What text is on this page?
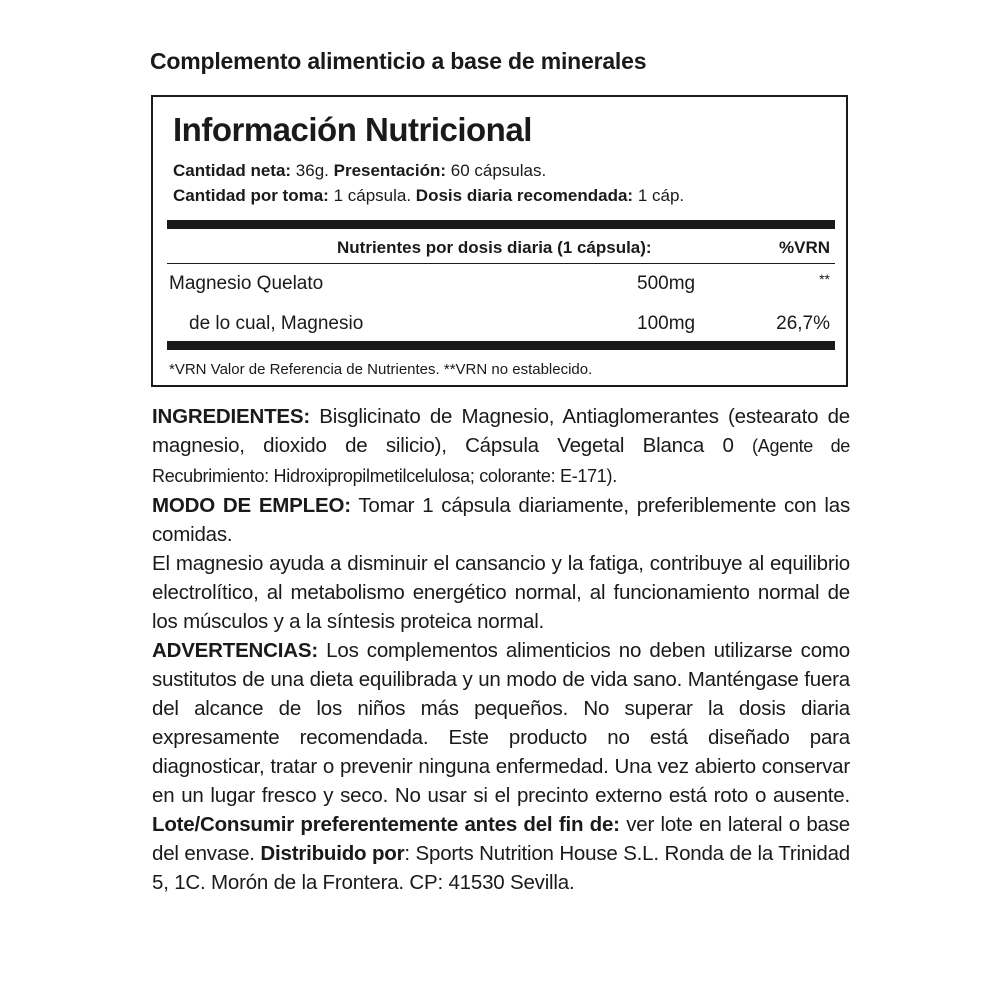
Complemento alimenticio a base de minerales
Información Nutricional
Cantidad neta: 36g. Presentación: 60 cápsulas.
Cantidad por toma: 1 cápsula. Dosis diaria recomendada: 1 cáp.
Nutrientes por dosis diaria (1 cápsula):	%VRN
Magnesio Quelato	500mg	**
de lo cual, Magnesio	100mg	26,7%
*VRN Valor de Referencia de Nutrientes. **VRN no establecido.

INGREDIENTES: Bisglicinato de Magnesio, Antiaglomerantes (estearato de magnesio, dioxido de silicio), Cápsula Vegetal Blanca 0 (Agente de Recubrimiento: Hidroxipropilmetilcelulosa; colorante: E-171).

MODO DE EMPLEO: Tomar 1 cápsula diariamente, preferiblemente con las comidas.

El magnesio ayuda a disminuir el cansancio y la fatiga, contribuye al equilibrio electrolítico, al metabolismo energético normal, al funcionamiento normal de los músculos y a la síntesis proteica normal.

ADVERTENCIAS: Los complementos alimenticios no deben utilizarse como sustitutos de una dieta equilibrada y un modo de vida sano. Manténgase fuera del alcance de los niños más pequeños. No superar la dosis diaria expresamente recomendada. Este producto no está diseñado para diagnosticar, tratar o prevenir ninguna enfermedad. Una vez abierto conservar en un lugar fresco y seco. No usar si el precinto externo está roto o ausente. Lote/Consumir preferentemente antes del fin de: ver lote en lateral o base del envase. Distribuido por: Sports Nutrition House S.L. Ronda de la Trinidad 5, 1C. Morón de la Frontera. CP: 41530 Sevilla.
